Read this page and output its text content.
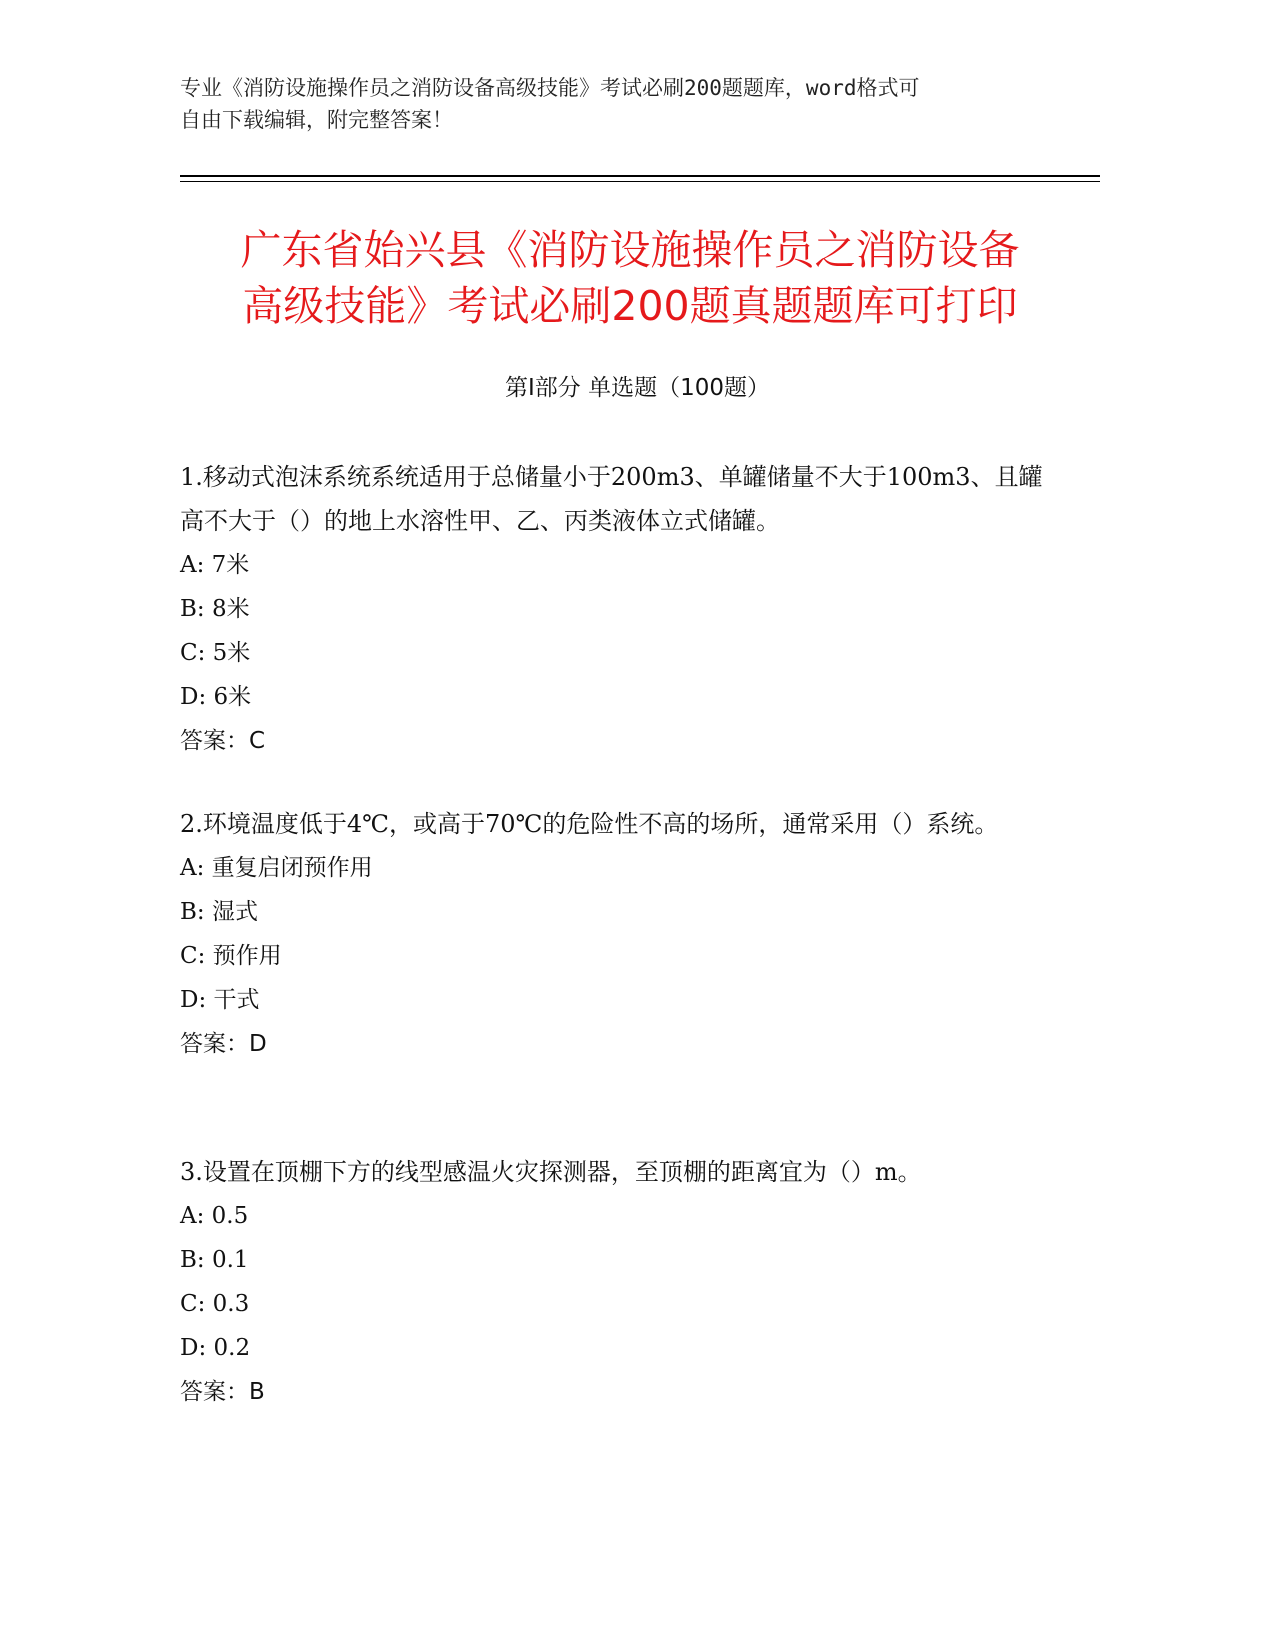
专业《消防设施操作员之消防设备高级技能》考试必刷200题题库，word格式可
自由下载编辑，附完整答案！
广东省始兴县《消防设施操作员之消防设备
高级技能》考试必刷200题真题题库可打印
第Ⅰ部分 单选题（100题）

1.移动式泡沫系统系统适用于总储量小于200m3、单罐储量不大于100m3、且罐高不大于（）的地上水溶性甲、乙、丙类液体立式储罐。

A: 7米
B: 8米
C: 5米
D: 6米
答案：C

2.环境温度低于4℃，或高于70℃的危险性不高的场所，通常采用（）系统。

A: 重复启闭预作用
B: 湿式
C: 预作用
D: 干式
答案：D

3.设置在顶棚下方的线型感温火灾探测器，至顶棚的距离宜为（）m。

A: 0.5
B: 0.1
C: 0.3
D: 0.2
答案：B
